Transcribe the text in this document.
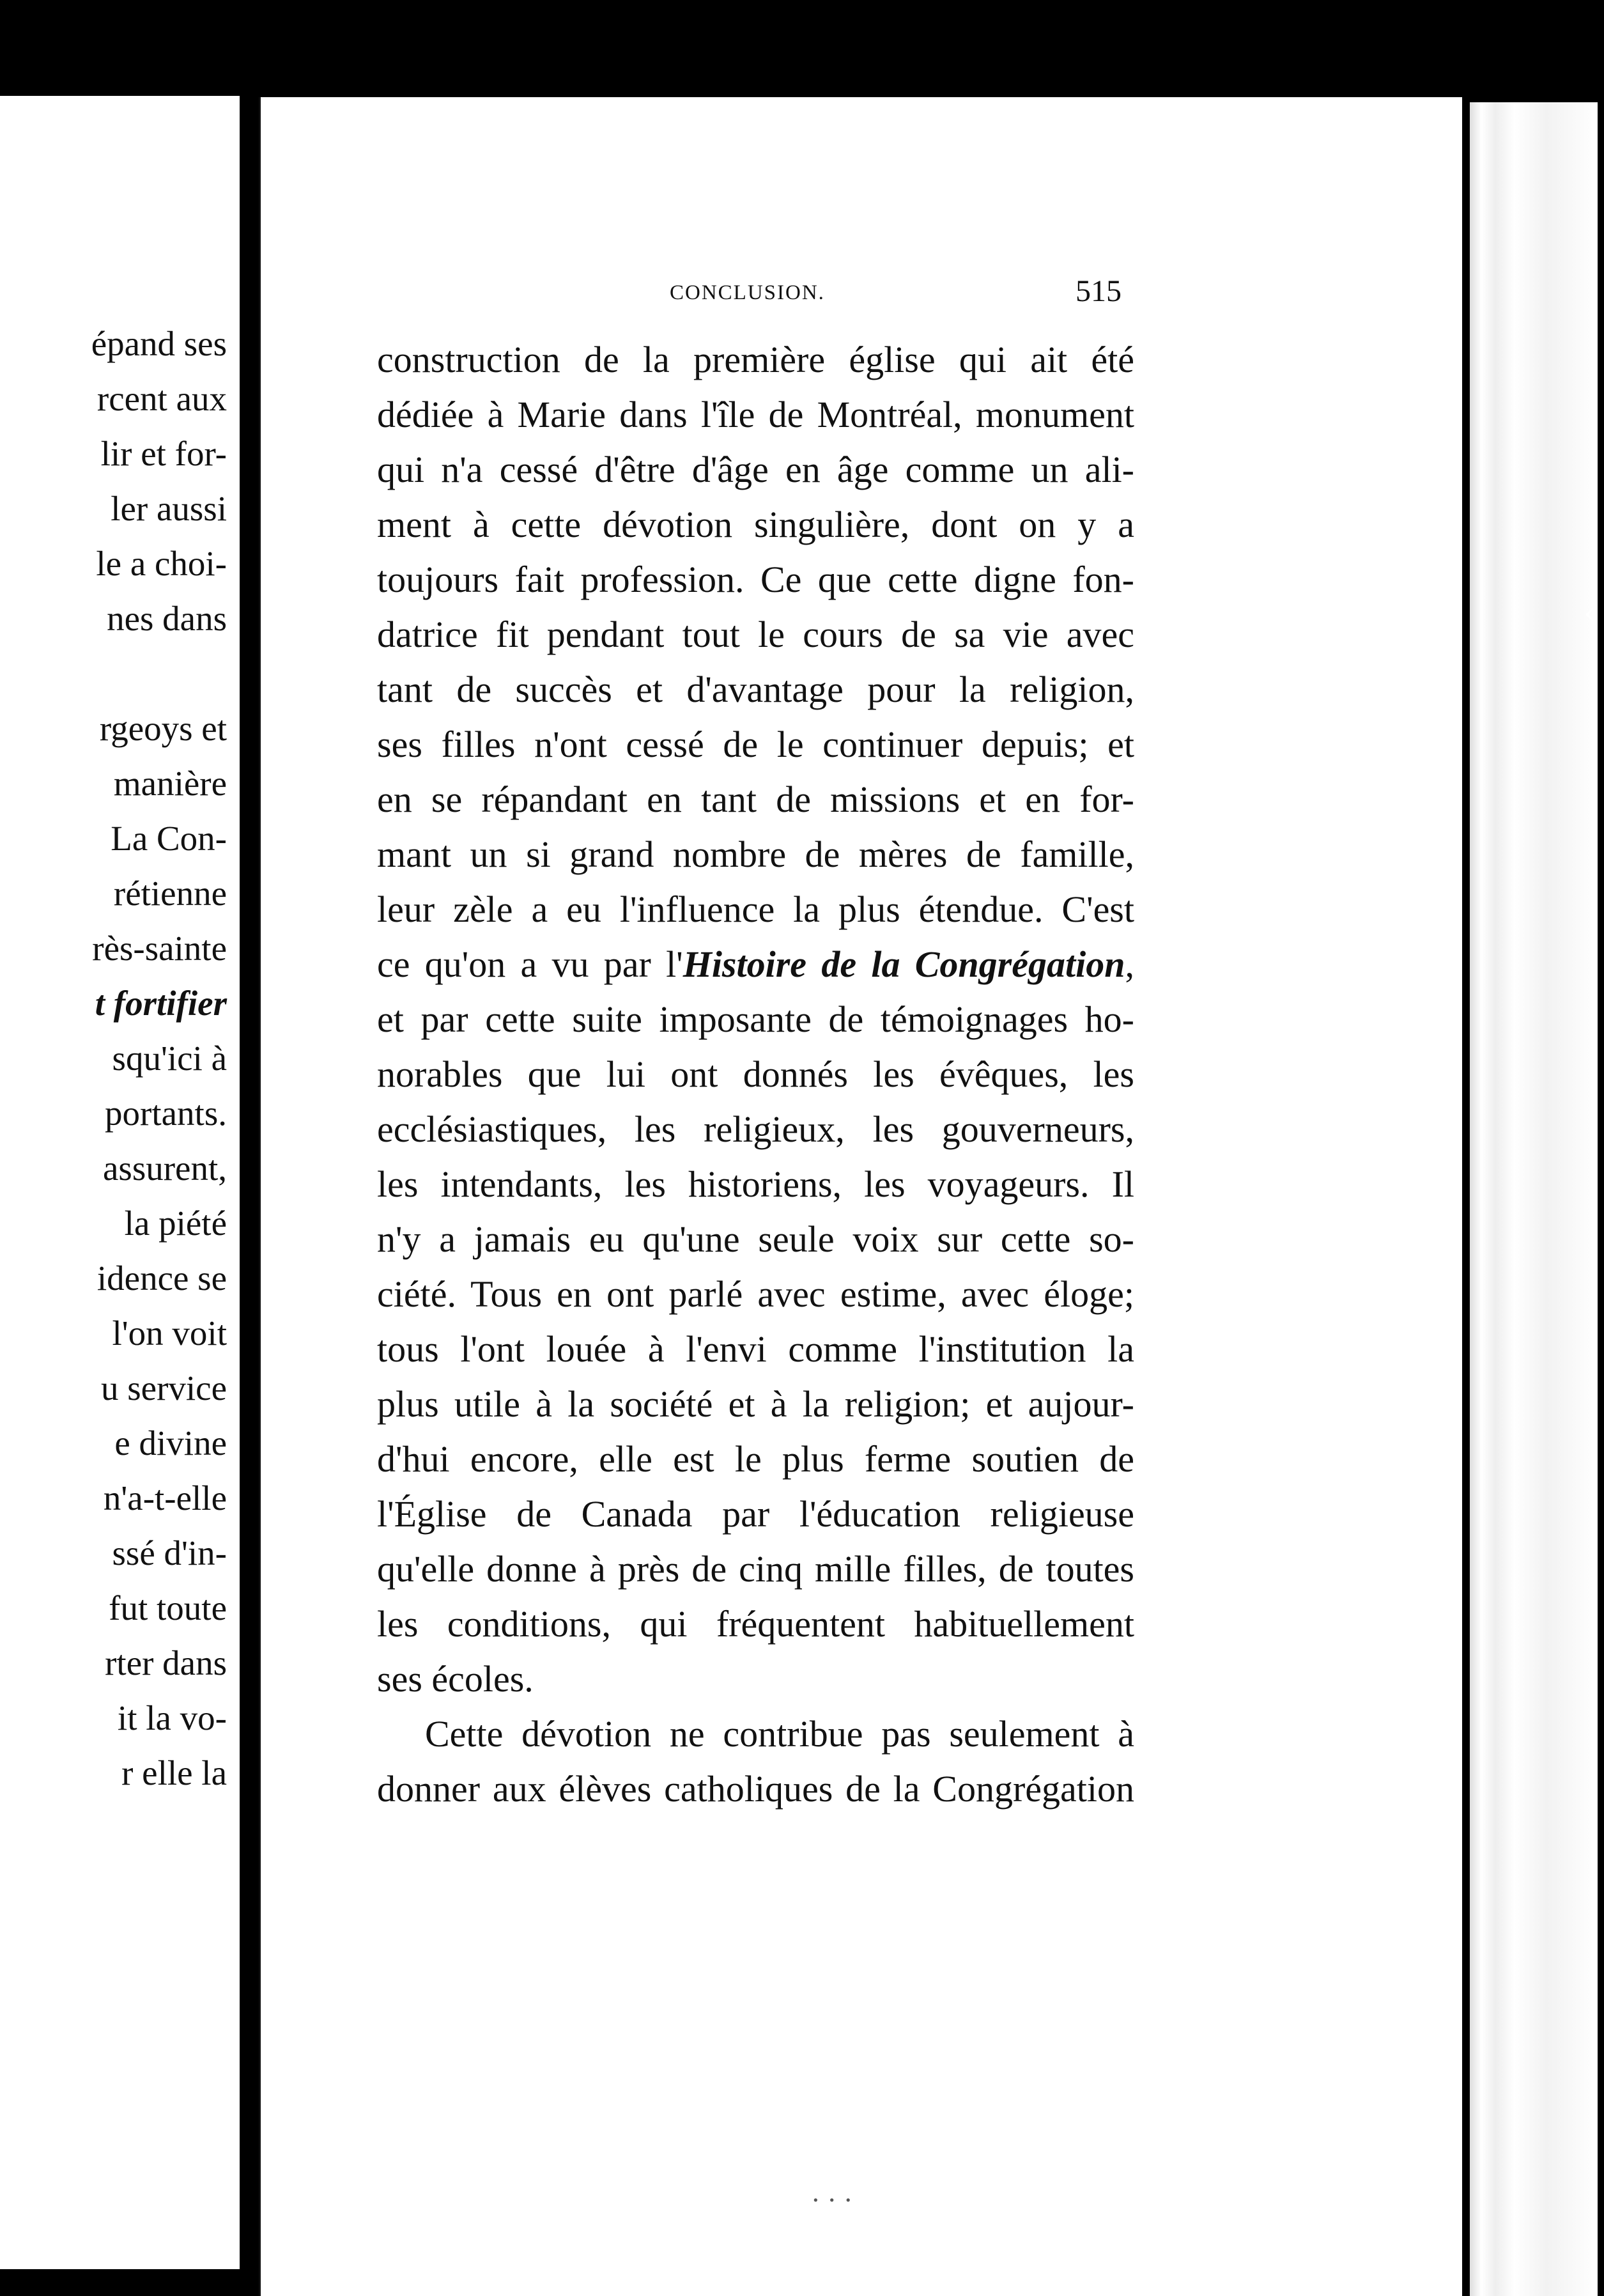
épand ses
rcent aux
lir et for-
ler aussi
le a choi-
nes dans
rgeoys et
manière
La Con-
rétienne
rès-sainte
t fortifier
squ'ici à
portants.
assurent,
la piété
idence se
l'on voit
u service
e divine
n'a-t-elle
ssé d'in-
fut toute
rter dans
it la vo-
r elle la
‹
CONCLUSION.	515
construction de la première église qui ait été
dédiée à Marie dans l'île de Montréal, monument
qui n'a cessé d'être d'âge en âge comme un ali-
ment à cette dévotion singulière, dont on y a
toujours fait profession. Ce que cette digne fon-
datrice fit pendant tout le cours de sa vie avec
tant de succès et d'avantage pour la religion,
ses filles n'ont cessé de le continuer depuis; et
en se répandant en tant de missions et en for-
mant un si grand nombre de mères de famille,
leur zèle a eu l'influence la plus étendue. C'est
ce qu'on a vu par l'Histoire de la Congrégation,
et par cette suite imposante de témoignages ho-
norables que lui ont donnés les évêques, les
ecclésiastiques, les religieux, les gouverneurs,
les intendants, les historiens, les voyageurs. Il
n'y a jamais eu qu'une seule voix sur cette so-
ciété. Tous en ont parlé avec estime, avec éloge;
tous l'ont louée à l'envi comme l'institution la
plus utile à la société et à la religion; et aujour-
d'hui encore, elle est le plus ferme soutien de
l'Église de Canada par l'éducation religieuse
qu'elle donne à près de cinq mille filles, de toutes
les conditions, qui fréquentent habituellement
ses écoles.
Cette dévotion ne contribue pas seulement à
donner aux élèves catholiques de la Congrégation
· · ·
